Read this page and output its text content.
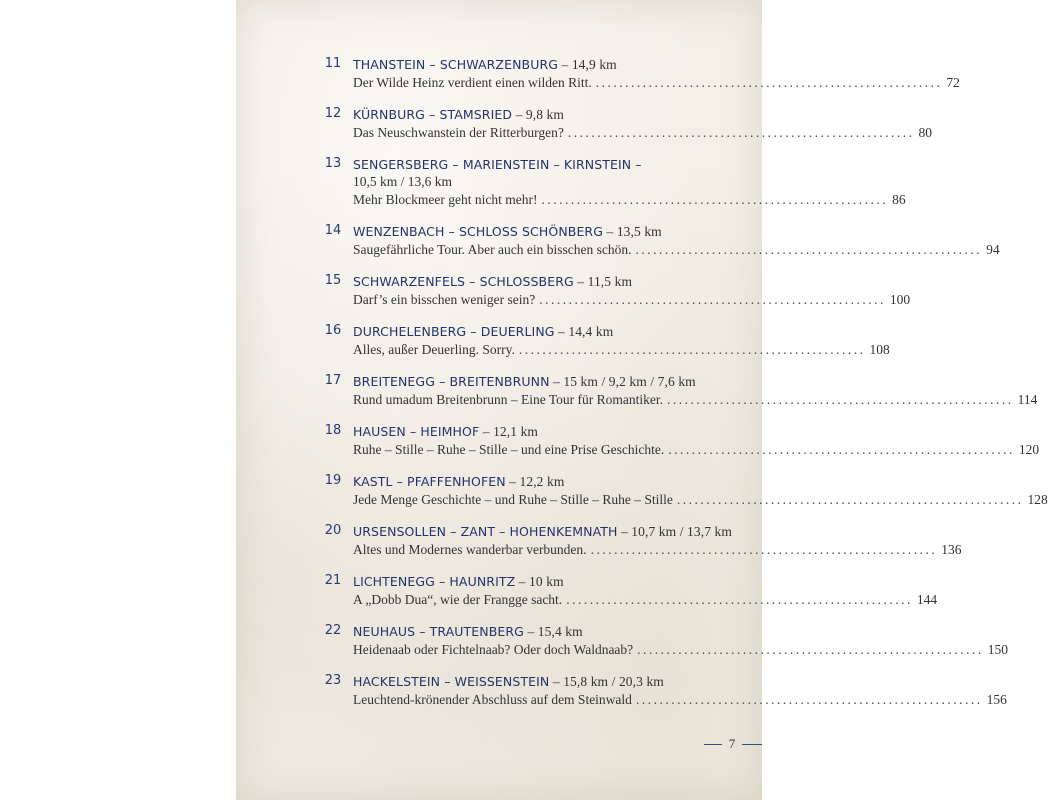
11 THANSTEIN – SCHWARZENBURG – 14,9 km
Der Wilde Heinz verdient einen wilden Ritt. ........................................................... 72
12 KÜRNBURG – STAMSRIED – 9,8 km
Das Neuschwanstein der Ritterburgen? ........................................................... 80
13 SENGERSBERG – MARIENSTEIN – KIRNSTEIN –
10,5 km / 13,6 km
Mehr Blockmeer geht nicht mehr! ........................................................... 86
14 WENZENBACH – SCHLOSS SCHÖNBERG – 13,5 km
Saugefährliche Tour. Aber auch ein bisschen schön. ........................................................... 94
15 SCHWARZENFELS – SCHLOSSBERG – 11,5 km
Darf’s ein bisschen weniger sein? ........................................................... 100
16 DURCHELENBERG – DEUERLING – 14,4 km
Alles, außer Deuerling. Sorry. ........................................................... 108
17 BREITENEGG – BREITENBRUNN – 15 km / 9,2 km / 7,6 km
Rund umadum Breitenbrunn – Eine Tour für Romantiker. ........................................................... 114
18 HAUSEN – HEIMHOF – 12,1 km
Ruhe – Stille – Ruhe – Stille – und eine Prise Geschichte. ........................................................... 120
19 KASTL – PFAFFENHOFEN – 12,2 km
Jede Menge Geschichte – und Ruhe – Stille – Ruhe – Stille ........................................................... 128
20 URSENSOLLEN – ZANT – HOHENKEMNATH – 10,7 km / 13,7 km
Altes und Modernes wanderbar verbunden. ........................................................... 136
21 LICHTENEGG – HAUNRITZ – 10 km
A „Dobb Dua“, wie der Frangge sacht. ........................................................... 144
22 NEUHAUS – TRAUTENBERG – 15,4 km
Heidenaab oder Fichtelnaab? Oder doch Waldnaab? ........................................................... 150
23 HACKELSTEIN – WEISSENSTEIN – 15,8 km / 20,3 km
Leuchtend-krönender Abschluss auf dem Steinwald ........................................................... 156
7
